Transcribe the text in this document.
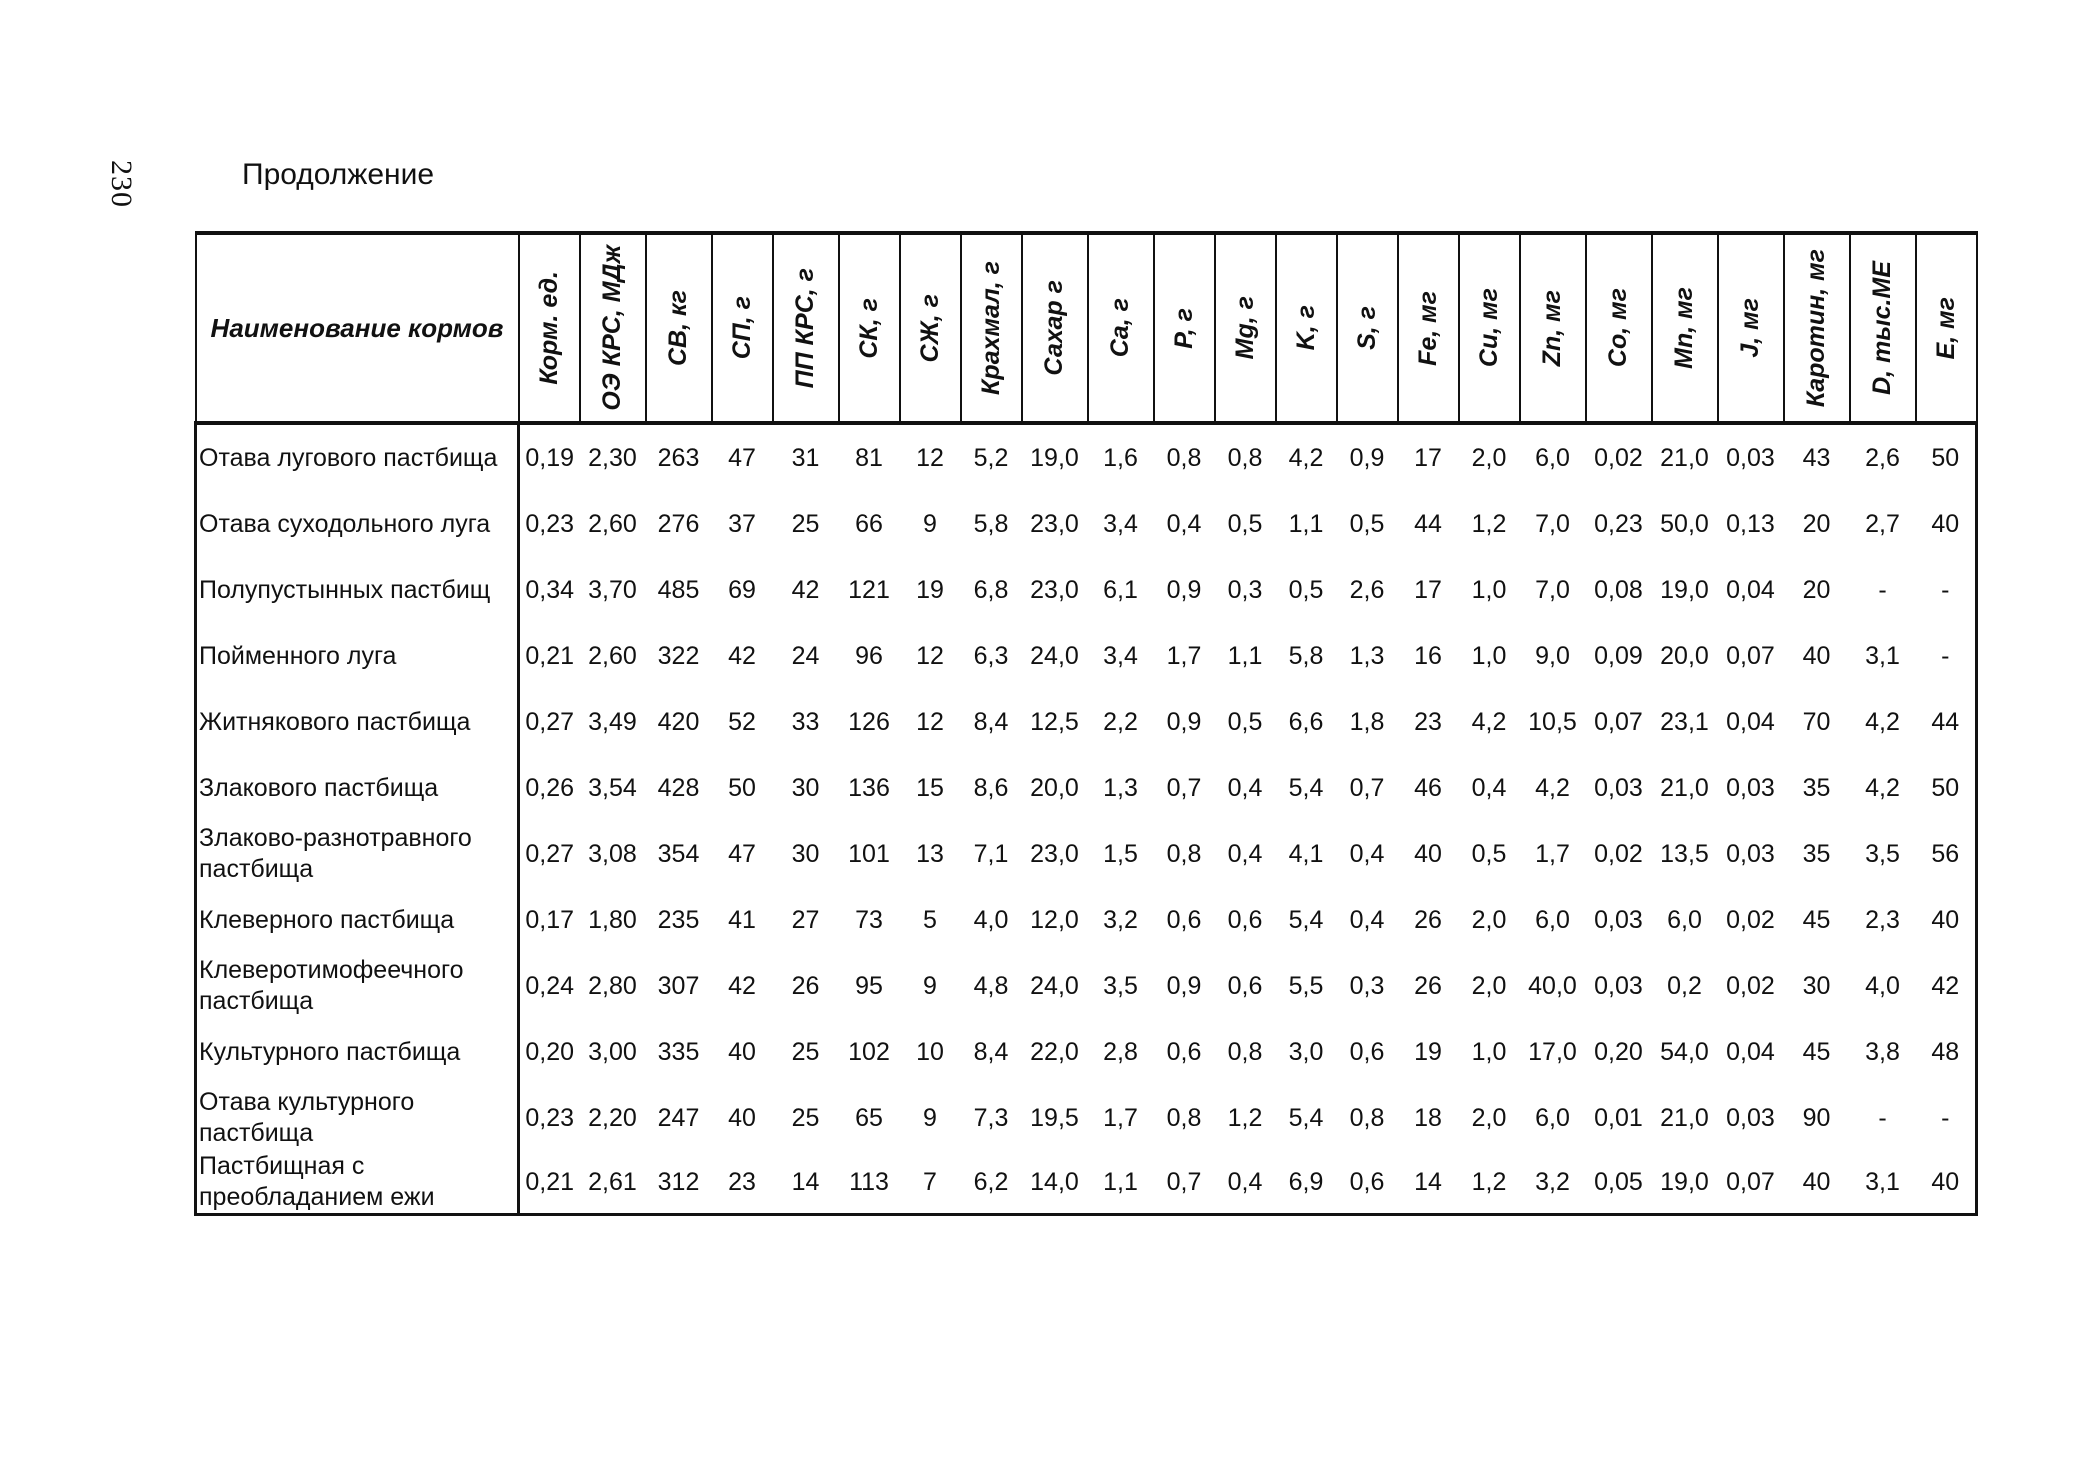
230	Продолжение
Наименование кормов	Корм. ед.	ОЭ КРС, МДж	СВ, кг	СП, г	ПП КРС, г	СК, г	СЖ, г	Крахмал, г	Сахар г	Ca, г	P, г	Mg, г	K, г	S, г	Fe, мг	Cu, мг	Zn, мг	Co, мг	Mn, мг	J, мг	Каротин, мг	D, тыс.МЕ	E, мг

Отава лугового пастбища	0,19	2,30	263	47	31	81	12	5,2	19,0	1,6	0,8	0,8	4,2	0,9	17	2,0	6,0	0,02	21,0	0,03	43	2,6	50
Отава суходольного луга	0,23	2,60	276	37	25	66	9	5,8	23,0	3,4	0,4	0,5	1,1	0,5	44	1,2	7,0	0,23	50,0	0,13	20	2,7	40
Полупустынных пастбищ	0,34	3,70	485	69	42	121	19	6,8	23,0	6,1	0,9	0,3	0,5	2,6	17	1,0	7,0	0,08	19,0	0,04	20	-	-
Пойменного луга	0,21	2,60	322	42	24	96	12	6,3	24,0	3,4	1,7	1,1	5,8	1,3	16	1,0	9,0	0,09	20,0	0,07	40	3,1	-
Житнякового пастбища	0,27	3,49	420	52	33	126	12	8,4	12,5	2,2	0,9	0,5	6,6	1,8	23	4,2	10,5	0,07	23,1	0,04	70	4,2	44
Злакового пастбища	0,26	3,54	428	50	30	136	15	8,6	20,0	1,3	0,7	0,4	5,4	0,7	46	0,4	4,2	0,03	21,0	0,03	35	4,2	50
Злаково-разнотравного пастбища	0,27	3,08	354	47	30	101	13	7,1	23,0	1,5	0,8	0,4	4,1	0,4	40	0,5	1,7	0,02	13,5	0,03	35	3,5	56
Клеверного пастбища	0,17	1,80	235	41	27	73	5	4,0	12,0	3,2	0,6	0,6	5,4	0,4	26	2,0	6,0	0,03	6,0	0,02	45	2,3	40
Клеверотимофеечного пастбища	0,24	2,80	307	42	26	95	9	4,8	24,0	3,5	0,9	0,6	5,5	0,3	26	2,0	40,0	0,03	0,2	0,02	30	4,0	42
Культурного пастбища	0,20	3,00	335	40	25	102	10	8,4	22,0	2,8	0,6	0,8	3,0	0,6	19	1,0	17,0	0,20	54,0	0,04	45	3,8	48
Отава культурного пастбища	0,23	2,20	247	40	25	65	9	7,3	19,5	1,7	0,8	1,2	5,4	0,8	18	2,0	6,0	0,01	21,0	0,03	90	-	-
Пастбищная с преобладанием ежи	0,21	2,61	312	23	14	113	7	6,2	14,0	1,1	0,7	0,4	6,9	0,6	14	1,2	3,2	0,05	19,0	0,07	40	3,1	40
